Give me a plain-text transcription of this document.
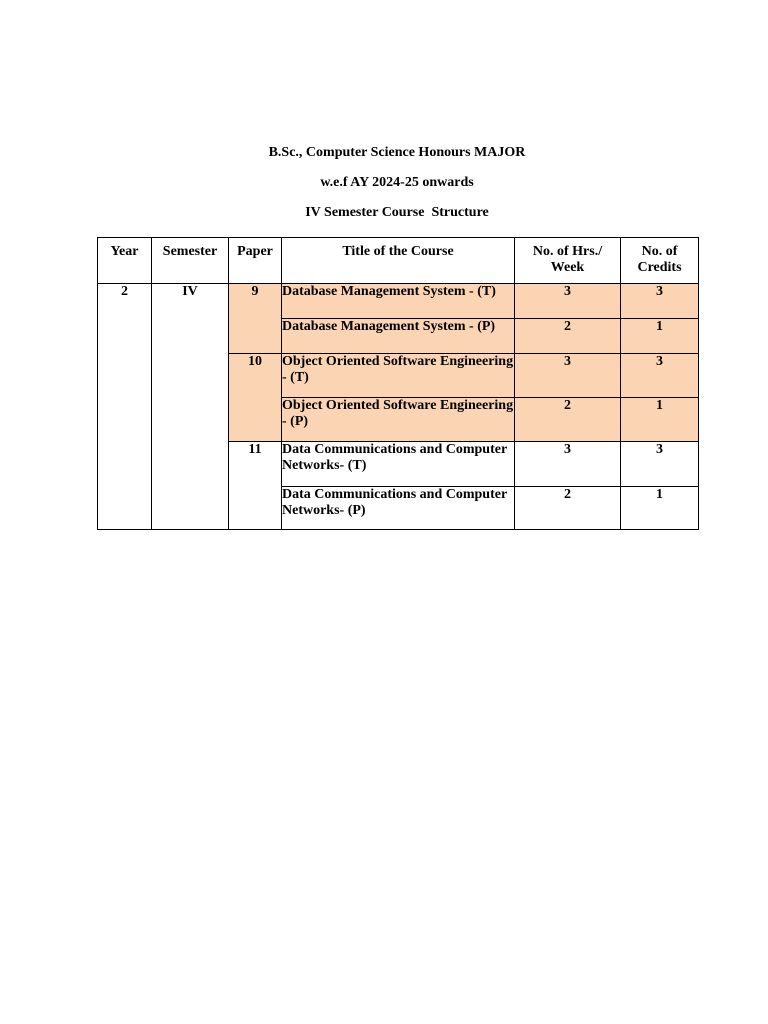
B.Sc., Computer Science Honours MAJOR
w.e.f AY 2024-25 onwards
IV Semester Course  Structure
Year	Semester	Paper	Title of the Course	No. of Hrs./ Week	No. of Credits
2	IV	9	Database Management System - (T)	3	3
			Database Management System - (P)	2	1
		10	Object Oriented Software Engineering - (T)	3	3
			Object Oriented Software Engineering - (P)	2	1
		11	Data Communications and Computer Networks- (T)	3	3
			Data Communications and Computer Networks- (P)	2	1
